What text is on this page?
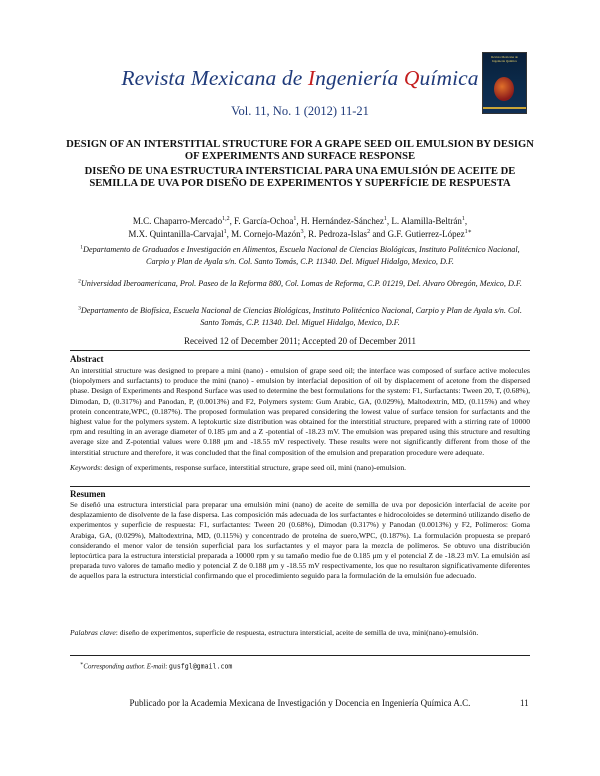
Revista Mexicana de Ingeniería Química
Revista Mexicana de Ingeniería Química
Vol. 11, No. 1 (2012) 11-21
DESIGN OF AN INTERSTITIAL STRUCTURE FOR A GRAPE SEED OIL EMULSION BY DESIGN OF EXPERIMENTS AND SURFACE RESPONSE
DISEÑO DE UNA ESTRUCTURA INTERSTICIAL PARA UNA EMULSIÓN DE ACEITE DE SEMILLA DE UVA POR DISEÑO DE EXPERIMENTOS Y SUPERFÍCIE DE RESPUESTA
M.C. Chaparro-Mercado$^{1,2}$, F. García-Ochoa$^1$, H. Hernández-Sánchez$^1$, L. Alamilla-Beltrán$^1$,
M.X. Quintanilla-Carvajal$^1$, M. Cornejo-Mazón$^3$, R. Pedroza-Islas$^2$ and G.F. Gutierrez-López$^{1∗}$
$^1$Departamento de Graduados e Investigación en Alimentos, Escuela Nacional de Ciencias Biológicas, Instituto Politécnico Nacional, Carpio y Plan de Ayala s/n. Col. Santo Tomás, C.P. 11340. Del. Miguel Hidalgo, Mexico, D.F.
$^2$Universidad Iberoamericana, Prol. Paseo de la Reforma 880, Col. Lomas de Reforma, C.P. 01219, Del. Alvaro Obregón, Mexico, D.F.
$^3$Departamento de Biofísica, Escuela Nacional de Ciencias Biológicas, Instituto Politécnico Nacional, Carpio y Plan de Ayala s/n. Col. Santo Tomás, C.P. 11340. Del. Miguel Hidalgo, Mexico, D.F.
Received 12 of December 2011; Accepted 20 of December 2011
Abstract
An interstitial structure was designed to prepare a mini (nano) - emulsion of grape seed oil; the interface was composed of surface active molecules (biopolymers and surfactants) to produce the mini (nano) - emulsion by interfacial deposition of oil by displacement of acetone from the dispersed phase. Design of Experiments and Respond Surface was used to determine the best formulations for the system: F1, Surfactants: Tween 20, T, (0.68%), Dimodan, D, (0.317%) and Panodan, P, (0.0013%) and F2, Polymers system: Gum Arabic, GA, (0.029%), Maltodextrin, MD, (0.115%) and whey protein concentrate,WPC, (0.187%). The proposed formulation was prepared considering the lowest value of surface tension for surfactants and the highest value for the polymers system. A leptokurtic size distribution was obtained for the interstitial structure, prepared with a stirring rate of 10000 rpm and resulting in an average diameter of 0.185 μm and a Z -potential of -18.23 mV. The emulsion was prepared using this structure and resulting average size and Z-potential values were 0.188 μm and -18.55 mV respectively. These results were not significantly different from those of the interstitial structure and therefore, it was concluded that the final composition of the emulsion and preparation procedure were adequate.
Keywords: design of experiments, response surface, interstitial structure, grape seed oil, mini (nano)-emulsion.
Resumen
Se diseñó una estructura intersticial para preparar una emulsión mini (nano) de aceite de semilla de uva por deposición interfacial de aceite por desplazamiento de disolvente de la fase dispersa. Las composición más adecuada de los surfactantes e hidrocoloides se determinó utilizando diseño de experimentos y superficie de respuesta: F1, surfactantes: Tween 20 (0.68%), Dimodan (0.317%) y Panodan (0.0013%) y F2, Polímeros: Goma Arabiga, GA, (0.029%), Maltodextrina, MD, (0.115%) y concentrado de proteína de suero,WPC, (0.187%). La formulación propuesta se preparó considerando el menor valor de tensión superficial para los surfactantes y el mayor para la mezcla de polímeros. Se obtuvo una distribución leptocúrtica para la estructura intersticial preparada a 10000 rpm y su tamaño medio fue de 0.185 μm y el potencial Z de -18.23 mV. La emulsión así preparada tuvo valores de tamaño medio y potencial Z de 0.188 μm y -18.55 mV respectivamente, los que no resultaron significativamente diferentes de aquellos para la estructura intersticial confirmando que el procedimiento seguido para la formulación de la emulsión fue adecuado.
Palabras clave: diseño de experimentos, superficie de respuesta, estructura intersticial, aceite de semilla de uva, mini(nano)-emulsión.
∗Corresponding author. E-mail: gusfgl@gmail.com
Publicado por la Academia Mexicana de Investigación y Docencia en Ingeniería Química A.C.	11
